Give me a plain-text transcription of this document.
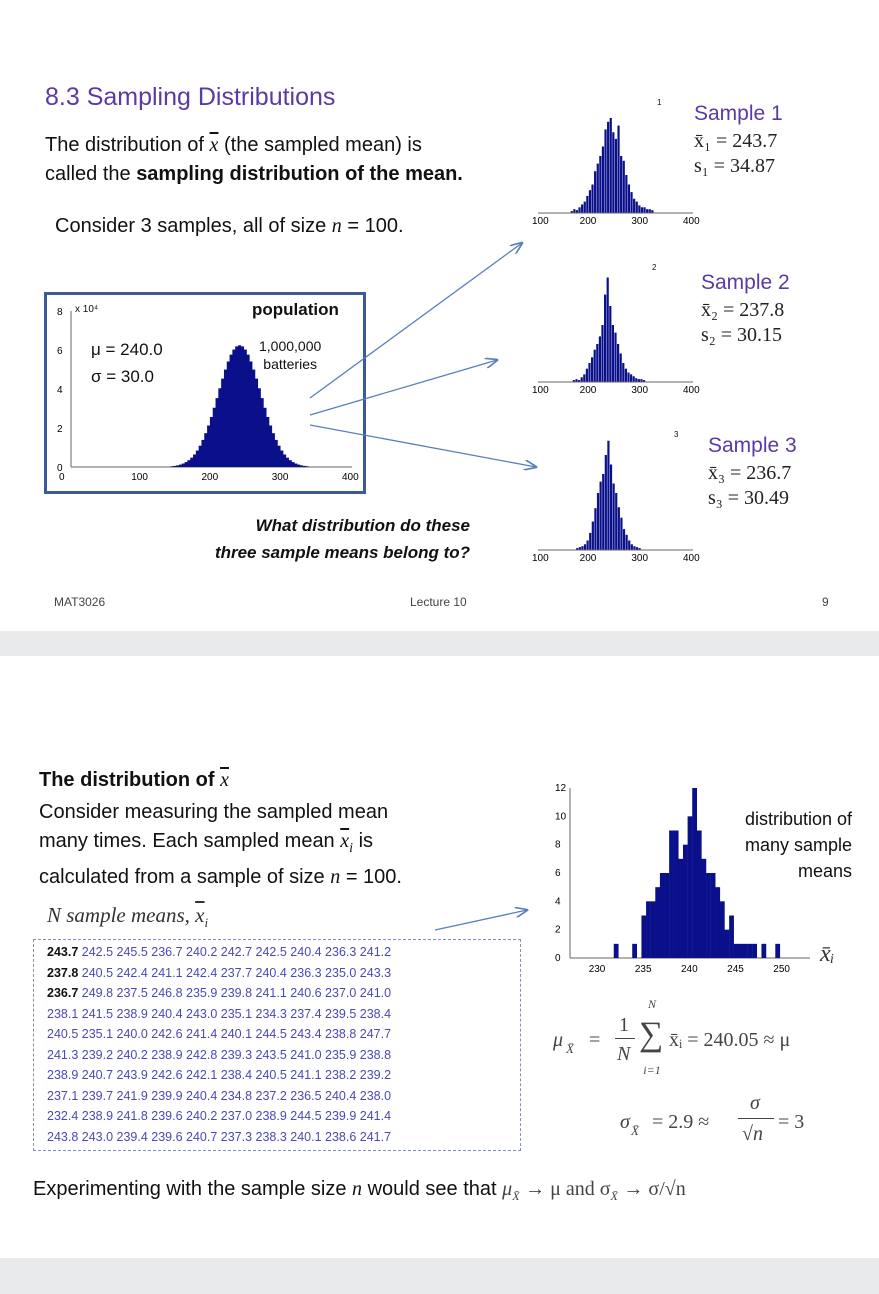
8.3 Sampling Distributions
The distribution of $\overline{x}$ (the sampled mean) is
called the sampling distribution of the mean.
Consider 3 samples, all of size n = 100.
8
6
4
2
0
0	100	200	300	400
x 10⁴	population
1,000,000
batteries
μ = 240.0
σ = 30.0
What distribution do these
three sample means belong to?
100	200	300	400
100	200	300	400
100	200	300	400
1
2
3
Sample 1
x̄₁ = 243.7
s₁ = 34.87
Sample 2
x̄₂ = 237.8
s₂ = 30.15
Sample 3
x̄₃ = 236.7
s₃ = 30.49
MAT3026	Lecture 10	9
The distribution of $\overline{x}$
Consider measuring the sampled mean
many times. Each sampled mean $\overline{x}_i$ is
calculated from a sample of size n = 100.
N sample means, $\overline{x}_i$
243.7 242.5 245.5 236.7 240.2 242.7 242.5 240.4 236.3 241.2
237.8 240.5 242.4 241.1 242.4 237.7 240.4 236.3 235.0 243.3
236.7 249.8 237.5 246.8 235.9 239.8 241.1 240.6 237.0 241.0
238.1 241.5 238.9 240.4 243.0 235.1 234.3 237.4 239.5 238.4
240.5 235.1 240.0 242.6 241.4 240.1 244.5 243.4 238.8 247.7
241.3 239.2 240.2 238.9 242.8 239.3 243.5 241.0 235.9 238.8
238.9 240.7 243.9 242.6 242.1 238.4 240.5 241.1 238.2 239.2
237.1 239.7 241.9 239.9 240.4 234.8 237.2 236.5 240.4 238.0
232.4 238.9 241.8 239.6 240.2 237.0 238.9 244.5 239.9 241.4
243.8 243.0 239.4 239.6 240.7 237.3 238.3 240.1 238.6 241.7
12
10
8
6
4
2
0
230	235	240	245	250
distribution of
many sample
means
x̄ᵢ
μ X̄ =
1
N
N
∑
i=1
x̄ᵢ = 240.05 ≈ μ
σ X̄ = 2.9 ≈
σ
√n
= 3
Experimenting with the sample size n would see that $\mu_{X̄} \to \mu$ and $\sigma_{X̄} \to \sigma/√n$
